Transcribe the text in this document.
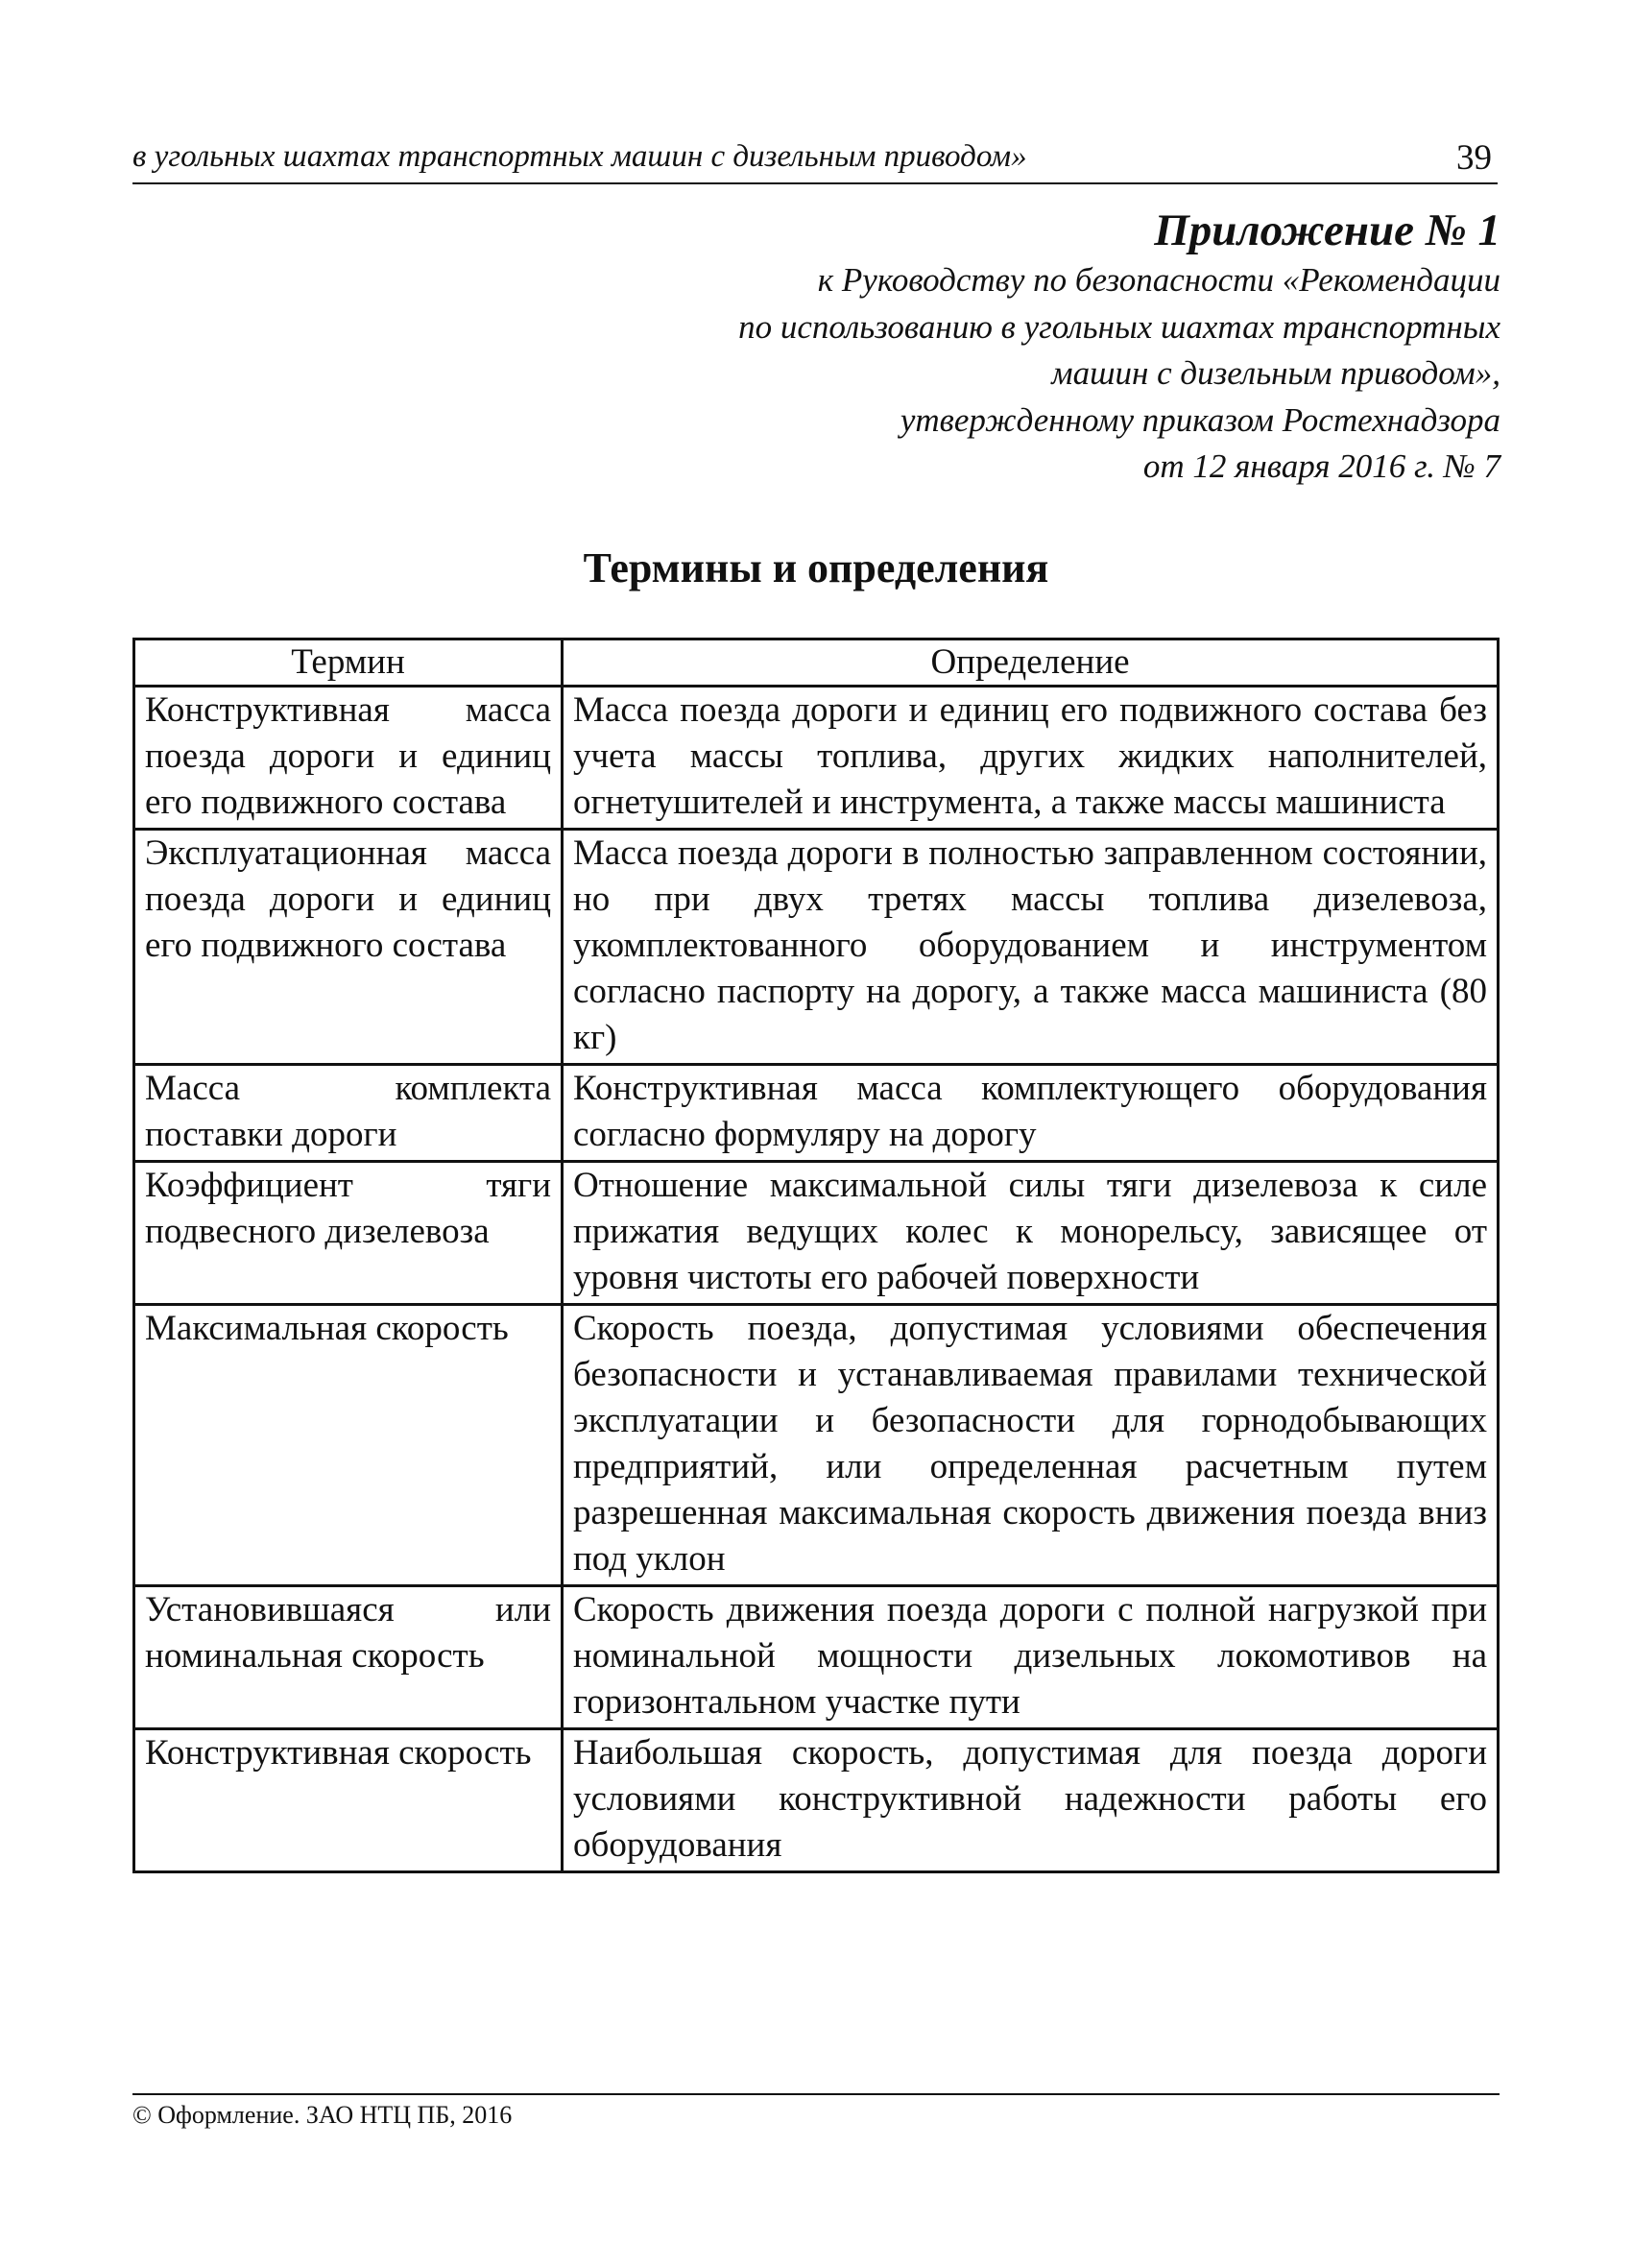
в угольных шахтах транспортных машин с дизельным приводом»	39
Приложение № 1
к Руководству по безопасности «Рекомендации
по использованию в угольных шахтах транспортных
машин с дизельным приводом»,
утвержденному приказом Ростехнадзора
от 12 января 2016 г. № 7
Термины и определения
Термин	Определение
Конструктивная масса поезда дороги и единиц его подвижного состава	Масса поезда дороги и единиц его подвижного состава без учета массы топлива, других жидких наполнителей, огнетушителей и инструмента, а также массы машиниста
Эксплуатационная масса поезда дороги и единиц его подвижного состава	Масса поезда дороги в полностью заправленном состоянии, но при двух третях массы топлива дизелевоза, укомплектованного оборудованием и инструментом согласно паспорту на дорогу, а также масса машиниста (80 кг)
Масса комплекта поставки дороги	Конструктивная масса комплектующего оборудования согласно формуляру на дорогу
Коэффициент тяги подвесного дизелевоза	Отношение максимальной силы тяги дизелевоза к силе прижатия ведущих колес к монорельсу, зависящее от уровня чистоты его рабочей поверхности
Максимальная скорость	Скорость поезда, допустимая условиями обеспечения безопасности и устанавливаемая правилами технической эксплуатации и безопасности для горнодобывающих предприятий, или определенная расчетным путем разрешенная максимальная скорость движения поезда вниз под уклон
Установившаяся или номинальная скорость	Скорость движения поезда дороги с полной нагрузкой при номинальной мощности дизельных локомотивов на горизонтальном участке пути
Конструктивная скорость	Наибольшая скорость, допустимая для поезда дороги условиями конструктивной надежности работы его оборудования
© Оформление. ЗАО НТЦ ПБ, 2016
